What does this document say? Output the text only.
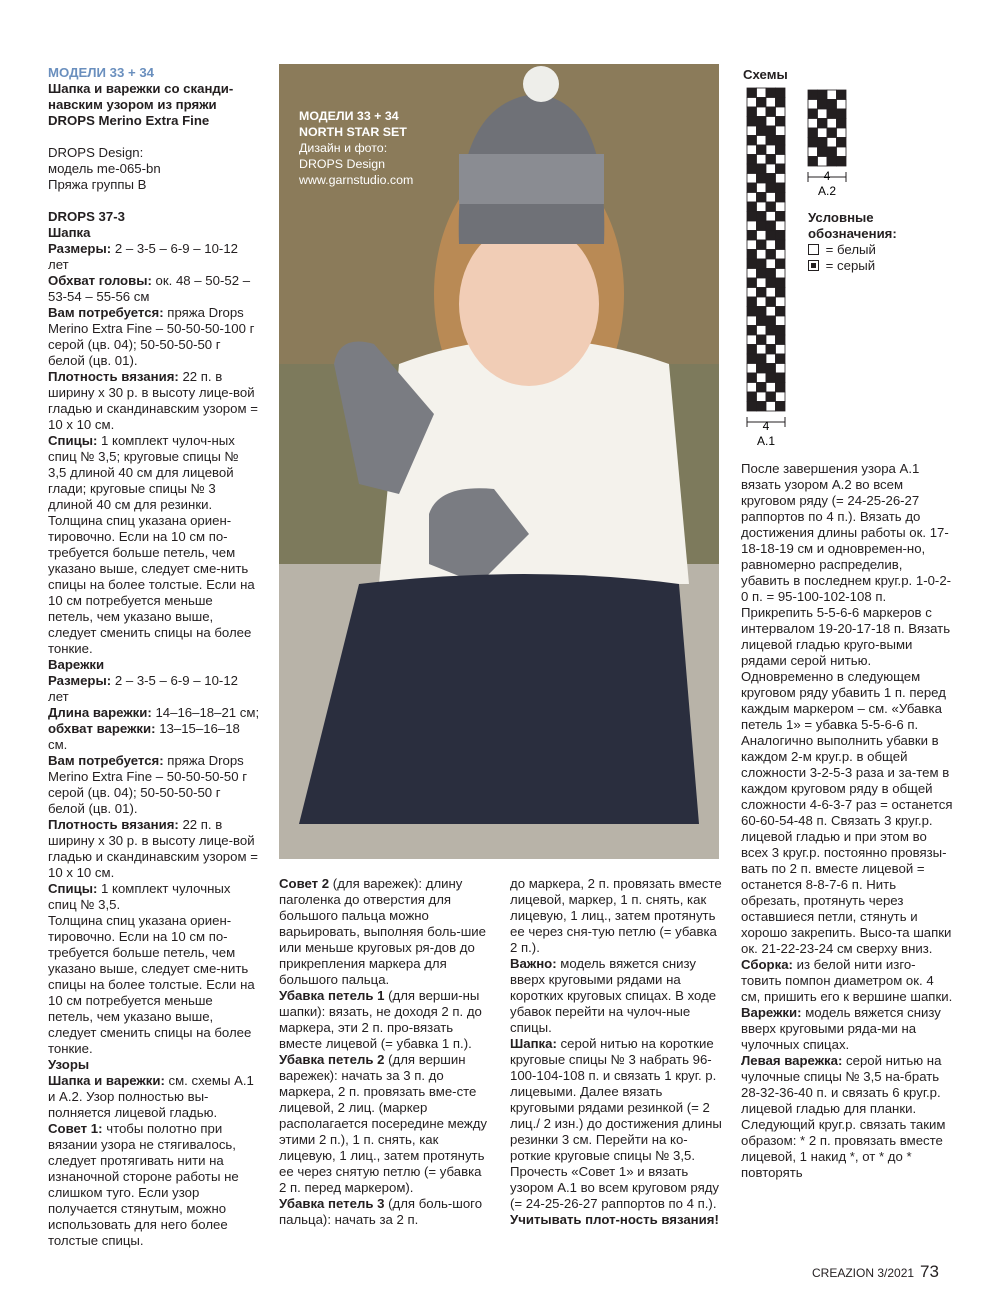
МОДЕЛИ 33 + 34

Шапка и варежки со сканди-навским узором из пряжи DROPS Merino Extra Fine

DROPS Design:

модель me-065-bn

Пряжа группы B

DROPS 37-3

Шапка

Размеры: 2 – 3-5 – 6-9 – 10-12 лет

Обхват головы: ок. 48 – 50-52 – 53-54 – 55-56 см

Вам потребуется: пряжа Drops Merino Extra Fine – 50-50-50-100 г серой (цв. 04); 50-50-50-50 г белой (цв. 01).

Плотность вязания: 22 п. в ширину x 30 р. в высоту лице-вой гладью и скандинавским узором = 10 x 10 см.

Спицы: 1 комплект чулоч-ных спиц № 3,5; круговые спицы № 3,5 длиной 40 см для лицевой глади; круговые спицы № 3 длиной 40 см для резинки.

Толщина спиц указана ориен-тировочно. Если на 10 см по-требуется больше петель, чем указано выше, следует сме-нить спицы на более толстые. Если на 10 см потребуется меньше петель, чем указано выше, следует сменить спицы на более тонкие.

Варежки

Размеры: 2 – 3-5 – 6-9 – 10-12 лет

Длина варежки: 14–16–18–21 см; обхват варежки: 13–15–16–18 см.

Вам потребуется: пряжа Drops Merino Extra Fine – 50-50-50-50 г серой (цв. 04); 50-50-50-50 г белой (цв. 01).

Плотность вязания: 22 п. в ширину x 30 р. в высоту лице-вой гладью и скандинавским узором = 10 x 10 см.

Спицы: 1 комплект чулочных спиц № 3,5.

Толщина спиц указана ориен-тировочно. Если на 10 см по-требуется больше петель, чем указано выше, следует сме-нить спицы на более толстые. Если на 10 см потребуется меньше петель, чем указано выше, следует сменить спицы на более тонкие.

Узоры

Шапка и варежки: см. схемы A.1 и A.2. Узор полностью вы-полняется лицевой гладью.

Совет 1: чтобы полотно при вязании узора не стягивалось, следует протягивать нити на изнаночной стороне работы не слишком туго. Если узор получается стянутым, можно использовать для него более толстые спицы.

МОДЕЛИ 33 + 34
NORTH STAR SET
Дизайн и фото:
DROPS Design
www.garnstudio.com

Совет 2 (для варежек): длину паголенка до отверстия для большого пальца можно варьировать, выполняя боль-шие или меньше круговых ря-дов до прикрепления маркера для большого пальца.

Убавка петель 1 (для верши-ны шапки): вязать, не доходя 2 п. до маркера, эти 2 п. про-вязать вместе лицевой (= убавка 1 п.).

Убавка петель 2 (для вершин варежек): начать за 3 п. до маркера, 2 п. провязать вме-сте лицевой, 2 лиц. (маркер располагается посередине между этими 2 п.), 1 п. снять, как лицевую, 1 лиц., затем протянуть ее через снятую петлю (= убавка 2 п. перед маркером).

Убавка петель 3 (для боль-шого пальца): начать за 2 п.

до маркера, 2 п. провязать вместе лицевой, маркер, 1 п. снять, как лицевую, 1 лиц., затем протянуть ее через сня-тую петлю (= убавка 2 п.).

Важно: модель вяжется снизу вверх круговыми рядами на коротких круговых спицах. В ходе убавок перейти на чулоч-ные спицы.

Шапка: серой нитью на короткие круговые спицы № 3 набрать 96-100-104-108 п. и связать 1 круг. р. лицевыми. Далее вязать круговыми рядами резинкой (= 2 лиц./ 2 изн.) до достижения длины резинки 3 см. Перейти на ко-роткие круговые спицы № 3,5. Прочесть «Совет 1» и вязать узором A.1 во всем круговом ряду (= 24-25-26-27 раппортов по 4 п.). Учитывать плот-ность вязания!

Схемы
4
A.1
4
A.2
Условные обозначения:
= белый
= серый

После завершения узора A.1 вязать узором A.2 во всем круговом ряду (= 24-25-26-27 раппортов по 4 п.). Вязать до достижения длины работы ок. 17-18-18-19 см и одновремен-но, равномерно распределив, убавить в последнем круг.р. 1-0-2-0 п. = 95-100-102-108 п. Прикрепить 5-5-6-6 маркеров с интервалом 19-20-17-18 п. Вязать лицевой гладью круго-выми рядами серой нитью. Одновременно в следующем круговом ряду убавить 1 п. перед каждым маркером – см. «Убавка петель 1» = убавка 5-5-6-6 п. Аналогично выполнить убавки в каждом 2-м круг.р. в общей сложности 3-2-5-3 раза и за-тем в каждом круговом ряду в общей сложности 4-6-3-7 раз = останется 60-60-54-48 п. Связать 3 круг.р. лицевой гладью и при этом во всех 3 круг.р. постоянно провязы-вать по 2 п. вместе лицевой = останется 8-8-7-6 п. Нить обрезать, протянуть через оставшиеся петли, стянуть и хорошо закрепить. Высо-та шапки ок. 21-22-23-24 см сверху вниз.

Сборка: из белой нити изго-товить помпон диаметром ок. 4 см, пришить его к вершине шапки.

Варежки: модель вяжется снизу вверх круговыми ряда-ми на чулочных спицах.

Левая варежка: серой нитью на чулочные спицы № 3,5 на-брать 28-32-36-40 п. и связать 6 круг.р. лицевой гладью для планки.

Следующий круг.р. связать таким образом: * 2 п. провязать вместе лицевой, 1 накид *, от * до * повторять

CREAZION 3/2021 73
